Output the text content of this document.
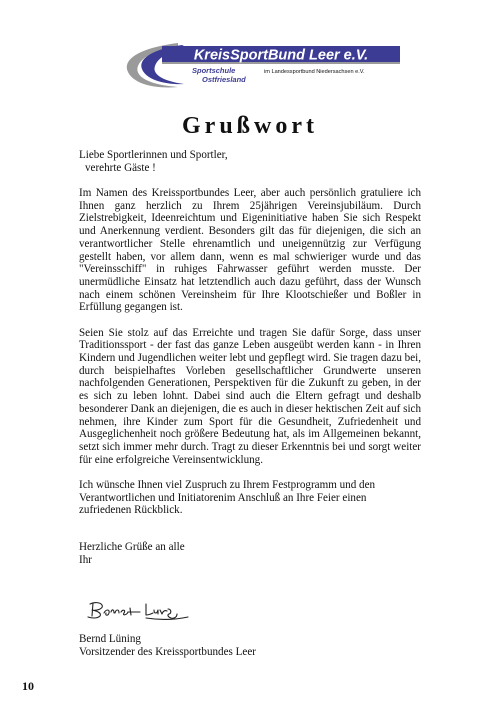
KreisSportBund Leer e.V.
Sportschule
Ostfriesland
im Landessportbund Niedersachsen e.V.
Grußwort

Liebe Sportlerinnen und Sportler,
verehrte Gäste !

Im Namen des Kreissportbundes Leer, aber auch persönlich gratuliere ich Ihnen ganz herzlich zu Ihrem 25jährigen Vereinsjubiläum. Durch Zielstrebigkeit, Ideenreichtum und Eigeninitiative haben Sie sich Respekt und Anerkennung verdient. Besonders gilt das für diejenigen, die sich an verantwortlicher Stelle ehrenamtlich und uneigennützig zur Verfügung gestellt haben, vor allem dann, wenn es mal schwieriger wurde und das "Vereinsschiff" in ruhiges Fahrwasser geführt werden musste. Der unermüdliche Einsatz hat letztendlich auch dazu geführt, dass der Wunsch nach einem schönen Vereinsheim für Ihre Klootschießer und Boßler in Erfüllung gegangen ist.

Seien Sie stolz auf das Erreichte und tragen Sie dafür Sorge, dass unser Traditionssport - der fast das ganze Leben ausgeübt werden kann - in Ihren Kindern und Jugendlichen weiter lebt und gepflegt wird. Sie tragen dazu bei, durch beispielhaftes Vorleben gesellschaftlicher Grundwerte unseren nachfolgenden Generationen, Perspektiven für die Zukunft zu geben, in der es sich zu leben lohnt. Dabei sind auch die Eltern gefragt und deshalb besonderer Dank an diejenigen, die es auch in dieser hektischen Zeit auf sich nehmen, ihre Kinder zum Sport für die Gesundheit, Zufriedenheit und Ausgeglichenheit noch größere Bedeutung hat, als im Allgemeinen bekannt, setzt sich immer mehr durch. Tragt zu dieser Erkenntnis bei und sorgt weiter für eine erfolgreiche Vereinsentwicklung.

Ich wünsche Ihnen viel Zuspruch zu Ihrem Festprogramm und den Verantwortlichen und Initiatorenim Anschluß an Ihre Feier einen zufriedenen Rückblick.

Herzliche Grüße an alle
Ihr
Bernd Lüning
Vorsitzender des Kreissportbundes Leer
10
